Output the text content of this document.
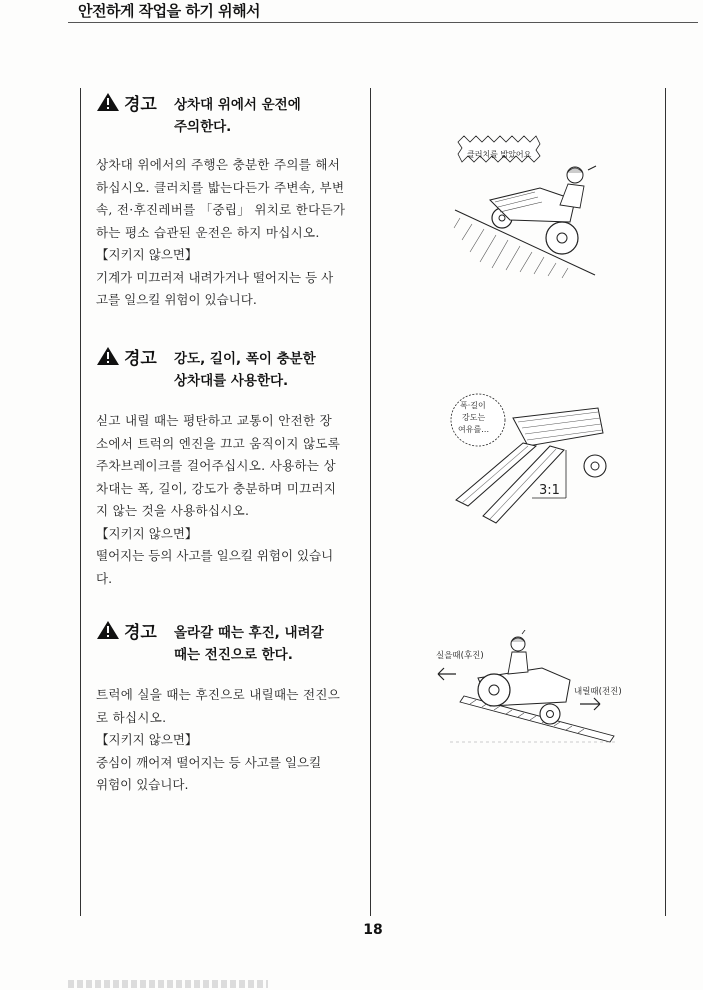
안전하게 작업을 하기 위해서
경고 상차대 위에서 운전에
주의한다.

상차대 위에서의 주행은 충분한 주의를 해서

하십시오. 클러치를 밟는다든가 주변속, 부변

속, 전·후진레버를 「중립」 위치로 한다든가

하는 평소 습관된 운전은 하지 마십시오.

【지키지 않으면】

기계가 미끄러져 내려가거나 떨어지는 등 사

고를 일으킬 위험이 있습니다.

경고 강도, 길이, 폭이 충분한
상차대를 사용한다.

싣고 내릴 때는 평탄하고 교통이 안전한 장

소에서 트럭의 엔진을 끄고 움직이지 않도록

주차브레이크를 걸어주십시오. 사용하는 상

차대는 폭, 길이, 강도가 충분하며 미끄러지

지 않는 것을 사용하십시오.

【지키지 않으면】

떨어지는 등의 사고를 일으킬 위험이 있습니

다.

경고 올라갈 때는 후진, 내려갈
때는 전진으로 한다.

트럭에 실을 때는 후진으로 내릴때는 전진으

로 하십시오.

【지키지 않으면】

중심이 깨어져 떨어지는 등 사고를 일으킬

위험이 있습니다.

클러치를 밟았어요
폭·길이
강도는
여유를…
3:1
실을때(후진)
내릴때(전진)
18
